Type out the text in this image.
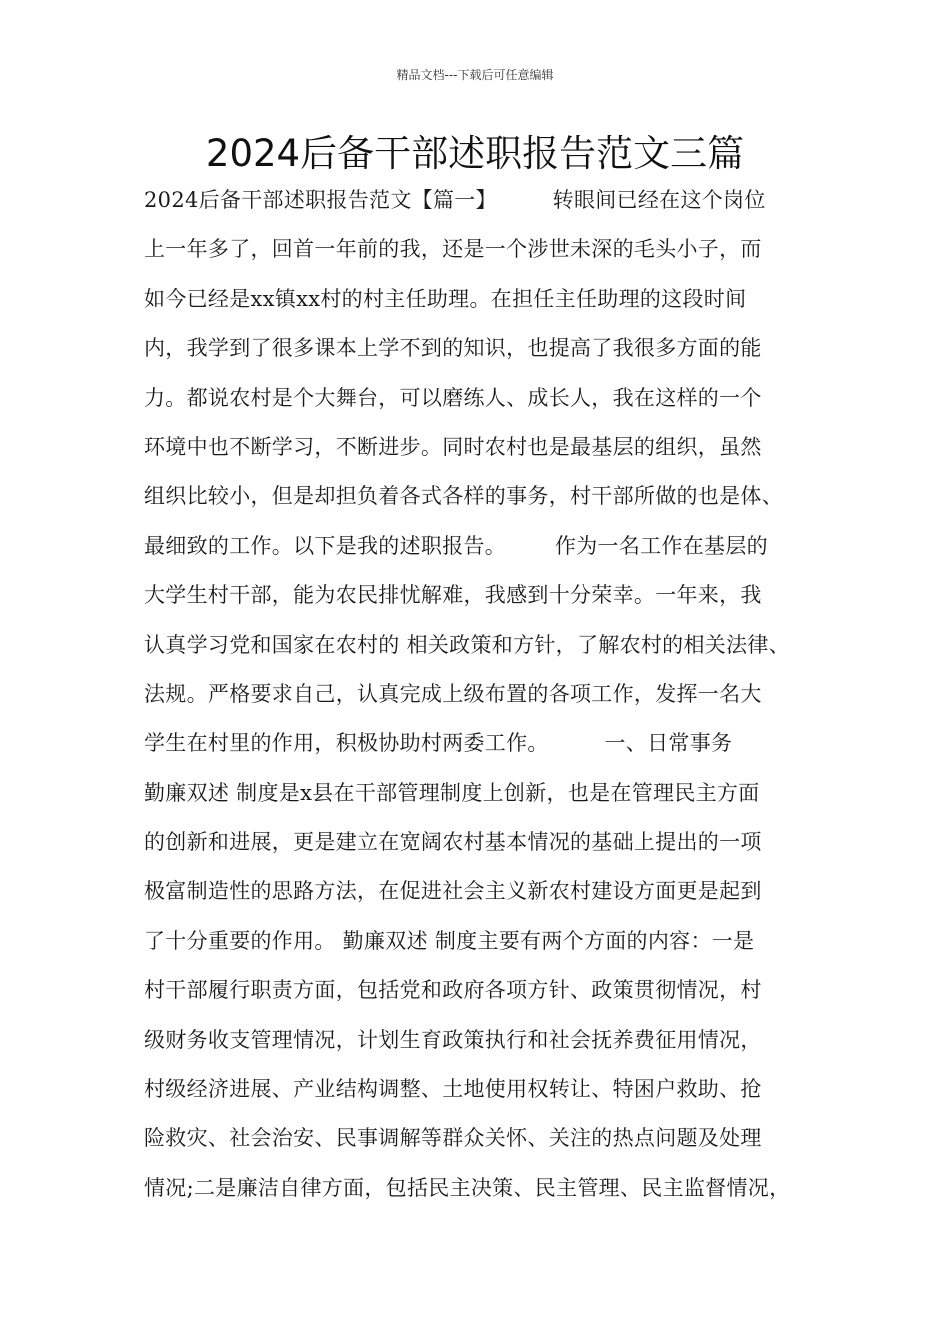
精品文档---下载后可任意编辑
2024后备干部述职报告范文三篇
2024后备干部述职报告范文【篇一】        转眼间已经在这个岗位
上一年多了，回首一年前的我，还是一个涉世未深的毛头小子，而
如今已经是xx镇xx村的村主任助理。在担任主任助理的这段时间
内，我学到了很多课本上学不到的知识，也提高了我很多方面的能
力。都说农村是个大舞台，可以磨练人、成长人，我在这样的一个
环境中也不断学习，不断进步。同时农村也是最基层的组织，虽然
组织比较小，但是却担负着各式各样的事务，村干部所做的也是体、
最细致的工作。以下是我的述职报告。       作为一名工作在基层的
大学生村干部，能为农民排忧解难，我感到十分荣幸。一年来，我
认真学习党和国家在农村的 相关政策和方针，了解农村的相关法律、
法规。严格要求自己，认真完成上级布置的各项工作，发挥一名大
学生在村里的作用，积极协助村两委工作。        一、日常事务
勤廉双述 制度是x县在干部管理制度上创新，也是在管理民主方面
的创新和进展，更是建立在宽阔农村基本情况的基础上提出的一项
极富制造性的思路方法，在促进社会主义新农村建设方面更是起到
了十分重要的作用。 勤廉双述 制度主要有两个方面的内容：一是
村干部履行职责方面，包括党和政府各项方针、政策贯彻情况，村
级财务收支管理情况，计划生育政策执行和社会抚养费征用情况，
村级经济进展、产业结构调整、土地使用权转让、特困户救助、抢
险救灾、社会治安、民事调解等群众关怀、关注的热点问题及处理
情况;二是廉洁自律方面，包括民主决策、民主管理、民主监督情况，
